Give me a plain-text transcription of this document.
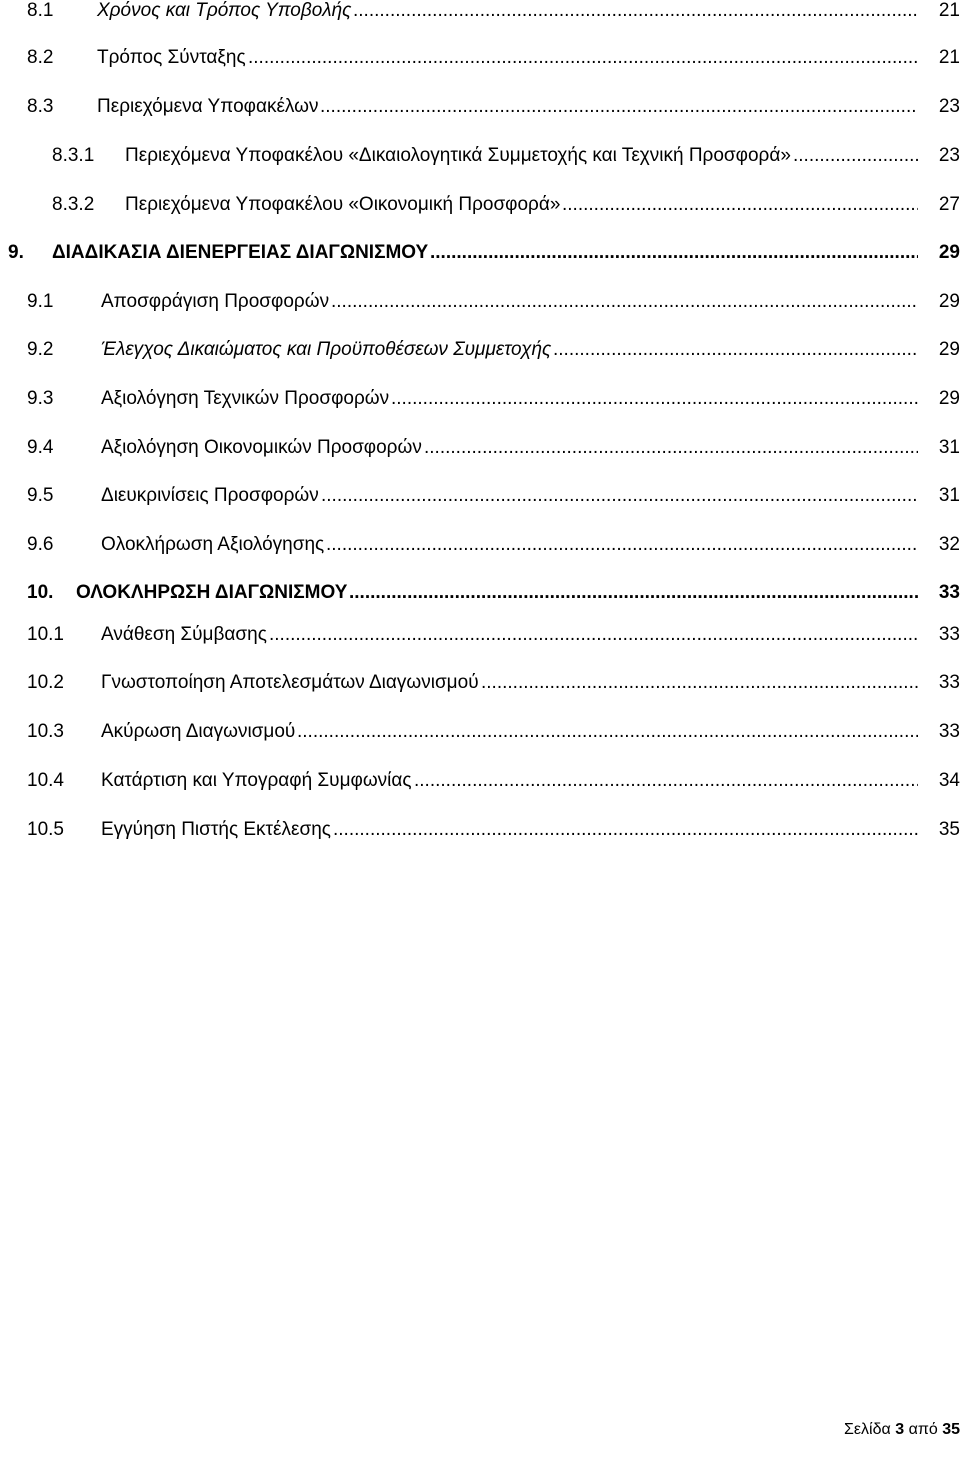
8.1 Χρόνος και Τρόπος Υποβολής .....	21
8.2 Τρόπος Σύνταξης .....	21
8.3 Περιεχόμενα Υποφακέλων .....	23
8.3.1 Περιεχόμενα Υποφακέλου «Δικαιολογητικά Συμμετοχής και Τεχνική Προσφορά» .....	23
8.3.2 Περιεχόμενα Υποφακέλου «Οικονομική Προσφορά» .....	27
9. ΔΙΑΔΙΚΑΣΙΑ ΔΙΕΝΕΡΓΕΙΑΣ ΔΙΑΓΩΝΙΣΜΟΥ .....	29
9.1	Αποσφράγιση Προσφορών .....	29
9.2	Έλεγχος Δικαιώματος και Προϋποθέσεων Συμμετοχής .....	29
9.3	Αξιολόγηση Τεχνικών Προσφορών .....	29
9.4	Αξιολόγηση Οικονομικών Προσφορών .....	31
9.5	Διευκρινίσεις Προσφορών .....	31
9.6	Ολοκλήρωση Αξιολόγησης .....	32
10. ΟΛΟΚΛΗΡΩΣΗ ΔΙΑΓΩΝΙΣΜΟΥ .....	33
10.1 Ανάθεση Σύμβασης .....	33
10.2 Γνωστοποίηση Αποτελεσμάτων Διαγωνισμού .....	33
10.3 Ακύρωση Διαγωνισμού .....	33
10.4 Κατάρτιση και Υπογραφή Συμφωνίας .....	34
10.5 Εγγύηση Πιστής Εκτέλεσης .....	35
Σελίδα 3 από 35
